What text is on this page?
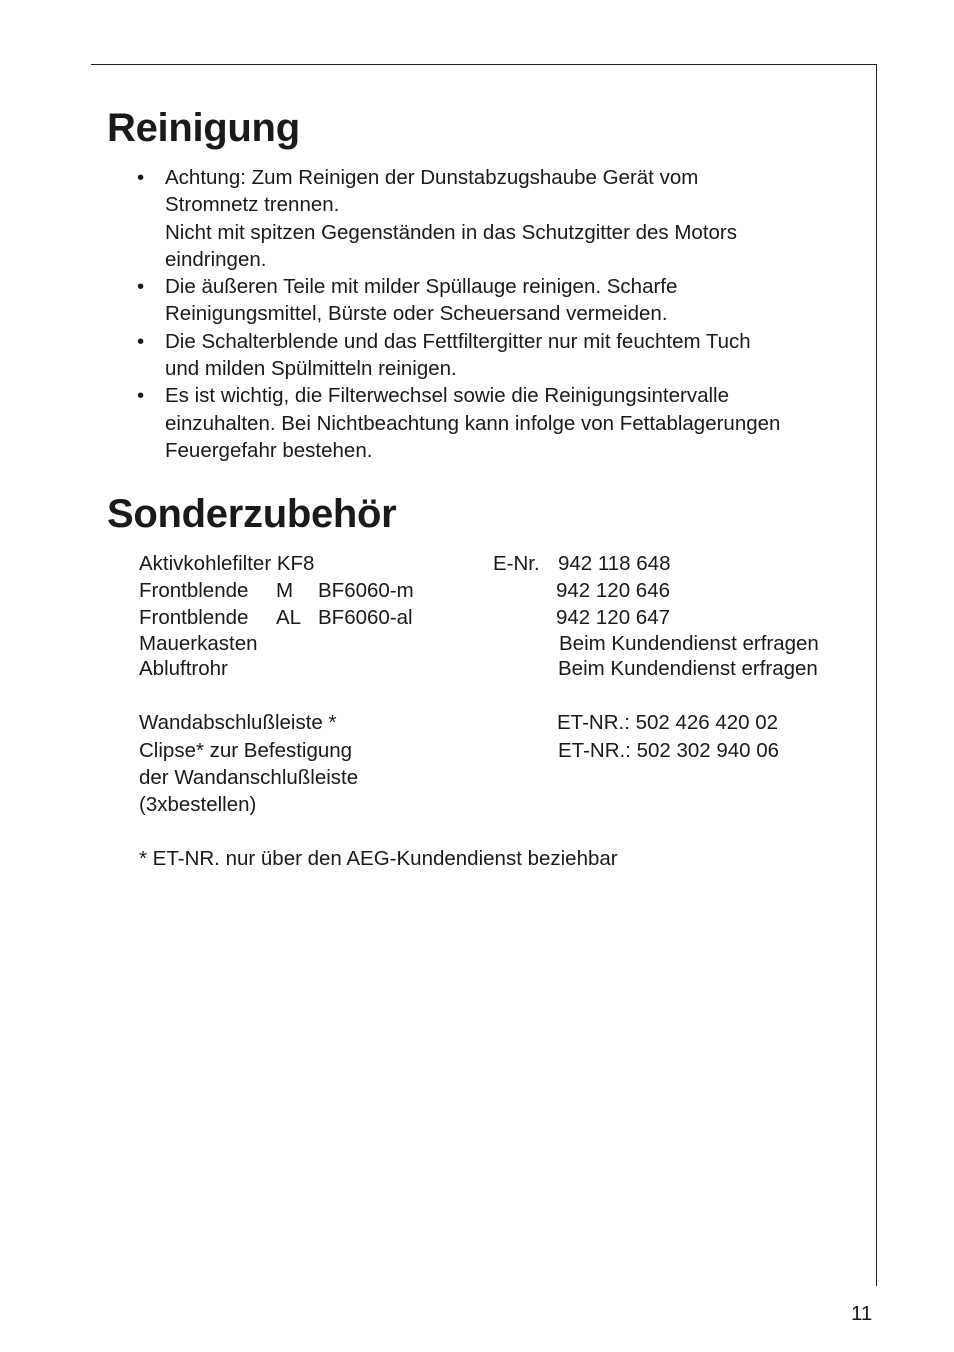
Reinigung
• Achtung: Zum Reinigen der Dunstabzugshaube Gerät vom
Stromnetz trennen.
Nicht mit spitzen Gegenständen in das Schutzgitter des Motors
eindringen.
• Die äußeren Teile mit milder Spüllauge reinigen. Scharfe
Reinigungsmittel, Bürste oder Scheuersand vermeiden.
• Die Schalterblende und das Fettfiltergitter nur mit feuchtem Tuch
und milden Spülmitteln reinigen.
• Es ist wichtig, die Filterwechsel sowie die Reinigungsintervalle
einzuhalten. Bei Nichtbeachtung kann infolge von Fettablagerungen
Feuergefahr bestehen.
Sonderzubehör
Aktivkohlefilter KF8	E-Nr. 942 118 648
Frontblende M BF6060-m	942 120 646
Frontblende AL BF6060-al	942 120 647
Mauerkasten	Beim Kundendienst erfragen
Abluftrohr	Beim Kundendienst erfragen
Wandabschlußleiste *	ET-NR.: 502 426 420 02
Clipse* zur Befestigung	ET-NR.: 502 302 940 06
der Wandanschlußleiste
(3xbestellen)
* ET-NR. nur über den AEG-Kundendienst beziehbar
11
